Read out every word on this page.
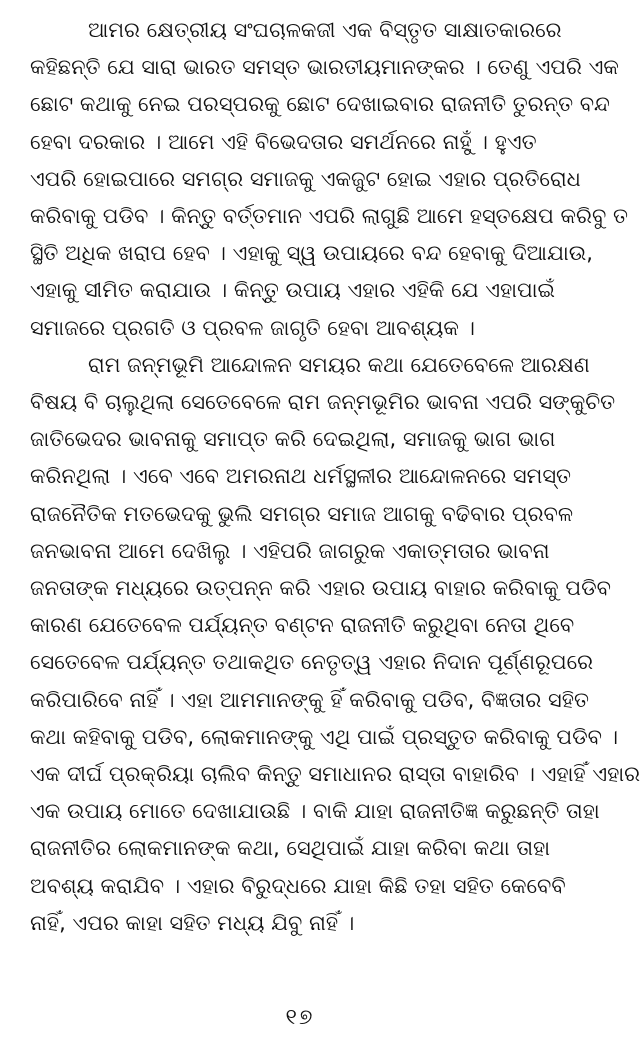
ଆମର କ୍ଷେତ୍ରୀୟ ସଂଘଚାଳକଜୀ ଏକ ବିସ୍ତୃତ ସାକ୍ଷାତକାରରେ
କହିଛନ୍ତି ଯେ ସାରା ଭାରତ ସମସ୍ତ ଭାରତୀୟମାନଙ୍କର । ତେଣୁ ଏପରି ଏକ
ଛୋଟ କଥାକୁ ନେଇ ପରସ୍ପରକୁ ଛୋଟ ଦେଖାଇବାର ରାଜନୀତି ତୁରନ୍ତ ବନ୍ଦ
ହେବା ଦରକାର । ଆମେ ଏହି ବିଭେଦତାର ସମର୍ଥନରେ ନାହୁଁ । ହୁଏତ
ଏପରି ହୋଇପାରେ ସମଗ୍ର ସମାଜକୁ ଏକଜୁଟ ହୋଇ ଏହାର ପ୍ରତିରୋଧ
କରିବାକୁ ପଡିବ । କିନ୍ତୁ ବର୍ତ୍ତମାନ ଏପରି ଲାଗୁଛି ଆମେ ହସ୍ତକ୍ଷେପ କରିବୁ ତ
ସ୍ଥିତି ଅଧିକ ଖରାପ ହେବ । ଏହାକୁ ସ୍ୱ ଉପାୟରେ ବନ୍ଦ ହେବାକୁ ଦିଆଯାଉ,
ଏହାକୁ ସୀମିତ କରାଯାଉ । କିନ୍ତୁ ଉପାୟ ଏହାର ଏହିକି ଯେ ଏହାପାଇଁ
ସମାଜରେ ପ୍ରଗତି ଓ ପ୍ରବଳ ଜାଗୃତି ହେବା ଆବଶ୍ୟକ ।
ରାମ ଜନ୍ମଭୂମି ଆନ୍ଦୋଳନ ସମୟର କଥା ଯେତେବେଳେ ଆରକ୍ଷଣ
ବିଷୟ ବି ଚାଲୁଥିଲା ସେତେବେଳେ ରାମ ଜନ୍ମଭୂମିର ଭାବନା ଏପରି ସଙ୍କୁଚିତ
ଜାତିଭେଦର ଭାବନାକୁ ସମାପ୍ତ କରି ଦେଇଥିଲା, ସମାଜକୁ ଭାଗ ଭାଗ
କରିନଥିଲା । ଏବେ ଏବେ ଅମରନାଥ ଧର୍ମସ୍ଥଳୀର ଆନ୍ଦୋଳନରେ ସମସ୍ତ
ରାଜନୈତିକ ମତଭେଦକୁ ଭୁଲି ସମଗ୍ର ସମାଜ ଆଗକୁ ବଢିବାର ପ୍ରବଳ
ଜନଭାବନା ଆମେ ଦେଖିଲୁ । ଏହିପରି ଜାଗରୁକ ଏକାତ୍ମତାର ଭାବନା
ଜନତାଙ୍କ ମଧ୍ୟରେ ଉତ୍ପନ୍ନ କରି ଏହାର ଉପାୟ ବାହାର କରିବାକୁ ପଡିବ
କାରଣ ଯେତେବେଳ ପର୍ଯ୍ୟନ୍ତ ବଣ୍ଟନ ରାଜନୀତି କରୁଥିବା ନେତା ଥିବେ
ସେତେବେଳ ପର୍ଯ୍ୟନ୍ତ ତଥାକଥିତ ନେତୃତ୍ୱ ଏହାର ନିଦାନ ପୂର୍ଣ୍ଣରୂପରେ
କରିପାରିବେ ନାହିଁ । ଏହା ଆମମାନଙ୍କୁ ହିଁ କରିବାକୁ ପଡିବ, ବିଜ୍ଞତାର ସହିତ
କଥା କହିବାକୁ ପଡିବ, ଲୋକମାନଙ୍କୁ ଏଥି ପାଇଁ ପ୍ରସ୍ତୁତ କରିବାକୁ ପଡିବ ।
ଏକ ଦୀର୍ଘ ପ୍ରକ୍ରିୟା ଚାଲିବ କିନ୍ତୁ ସମାଧାନର ରାସ୍ତା ବାହାରିବ । ଏହାହିଁ ଏହାର
ଏକ ଉପାୟ ମୋତେ ଦେଖାଯାଉଛି । ବାକି ଯାହା ରାଜନୀତିଜ୍ଞ କରୁଛନ୍ତି ତାହା
ରାଜନୀତିର ଲୋକମାନଙ୍କ କଥା, ସେଥିପାଇଁ ଯାହା କରିବା କଥା ତାହା
ଅବଶ୍ୟ କରାଯିବ । ଏହାର ବିରୁଦ୍ଧରେ ଯାହା କିଛି ତହା ସହିତ କେବେବି
ନାହିଁ, ଏପର କାହା ସହିତ ମଧ୍ୟ ଯିବୁ ନାହିଁ ।
୧୭
